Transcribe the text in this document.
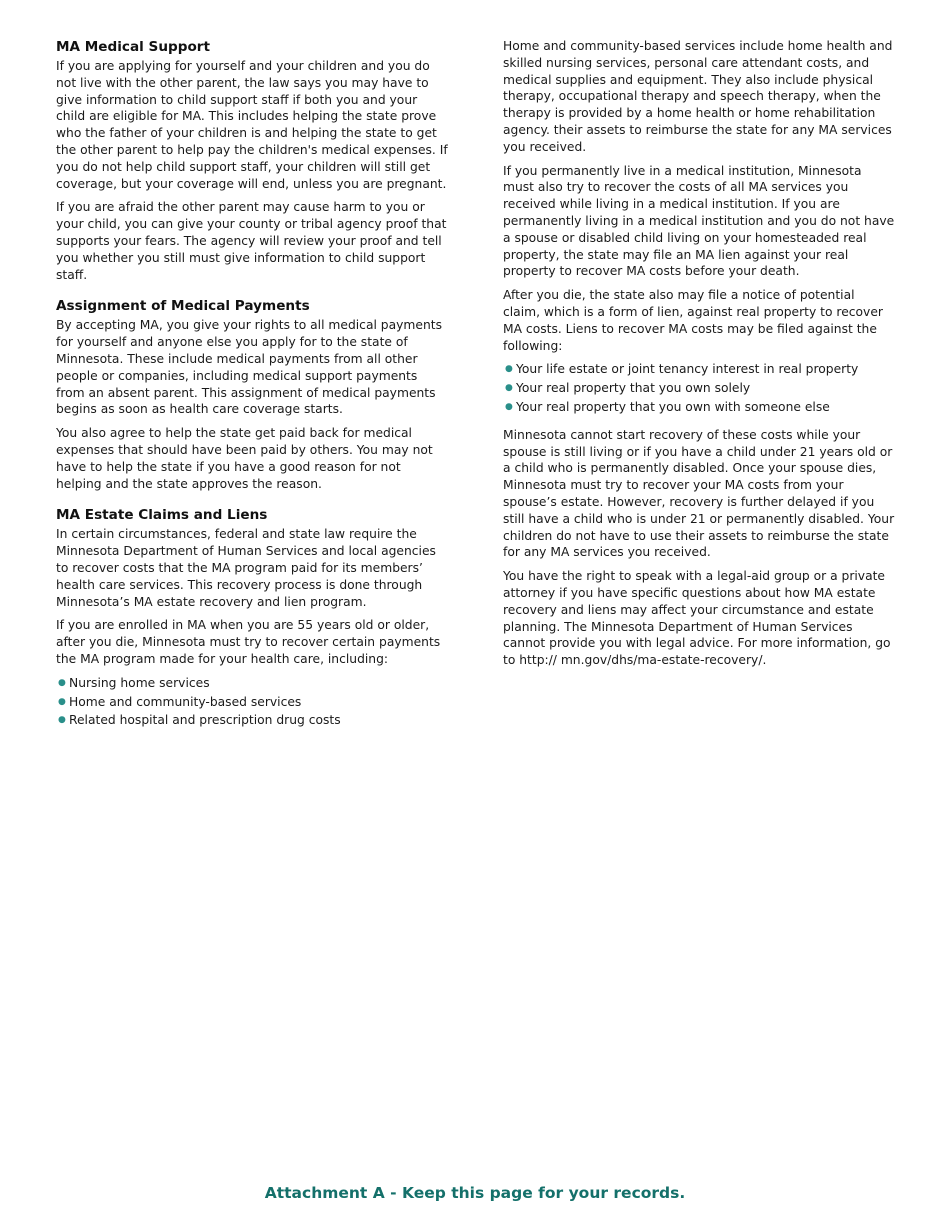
MA Medical Support

If you are applying for yourself and your children and you do not live with the other parent, the law says you may have to give information to child support staff if both you and your child are eligible for MA. This includes helping the state prove who the father of your children is and helping the state to get the other parent to help pay the children's medical expenses. If you do not help child support staff, your children will still get coverage, but your coverage will end, unless you are pregnant.

If you are afraid the other parent may cause harm to you or your child, you can give your county or tribal agency proof that supports your fears. The agency will review your proof and tell you whether you still must give information to child support staff.

Assignment of Medical Payments

By accepting MA, you give your rights to all medical payments for yourself and anyone else you apply for to the state of Minnesota. These include medical payments from all other people or companies, including medical support payments from an absent parent. This assignment of medical payments begins as soon as health care coverage starts.

You also agree to help the state get paid back for medical expenses that should have been paid by others. You may not have to help the state if you have a good reason for not helping and the state approves the reason.

MA Estate Claims and Liens

In certain circumstances, federal and state law require the Minnesota Department of Human Services and local agencies to recover costs that the MA program paid for its members’ health care services. This recovery process is done through Minnesota’s MA estate recovery and lien program.

If you are enrolled in MA when you are 55 years old or older, after you die, Minnesota must try to recover certain payments the MA program made for your health care, including:

● Nursing home services
● Home and community-based services
● Related hospital and prescription drug costs

Home and community-based services include home health and skilled nursing services, personal care attendant costs, and medical supplies and equipment. They also include physical therapy, occupational therapy and speech therapy, when the therapy is provided by a home health or home rehabilitation agency. their assets to reimburse the state for any MA services you received.

If you permanently live in a medical institution, Minnesota must also try to recover the costs of all MA services you received while living in a medical institution. If you are permanently living in a medical institution and you do not have a spouse or disabled child living on your homesteaded real property, the state may file an MA lien against your real property to recover MA costs before your death.

After you die, the state also may file a notice of potential claim, which is a form of lien, against real property to recover MA costs. Liens to recover MA costs may be filed against the following:

● Your life estate or joint tenancy interest in real property
● Your real property that you own solely
● Your real property that you own with someone else

Minnesota cannot start recovery of these costs while your spouse is still living or if you have a child under 21 years old or a child who is permanently disabled. Once your spouse dies, Minnesota must try to recover your MA costs from your spouse’s estate. However, recovery is further delayed if you still have a child who is under 21 or permanently disabled. Your children do not have to use their assets to reimburse the state for any MA services you received.

You have the right to speak with a legal-aid group or a private attorney if you have specific questions about how MA estate recovery and liens may affect your circumstance and estate planning. The Minnesota Department of Human Services cannot provide you with legal advice. For more information, go to http:// mn.gov/dhs/ma-estate-recovery/.

Attachment A - Keep this page for your records.
